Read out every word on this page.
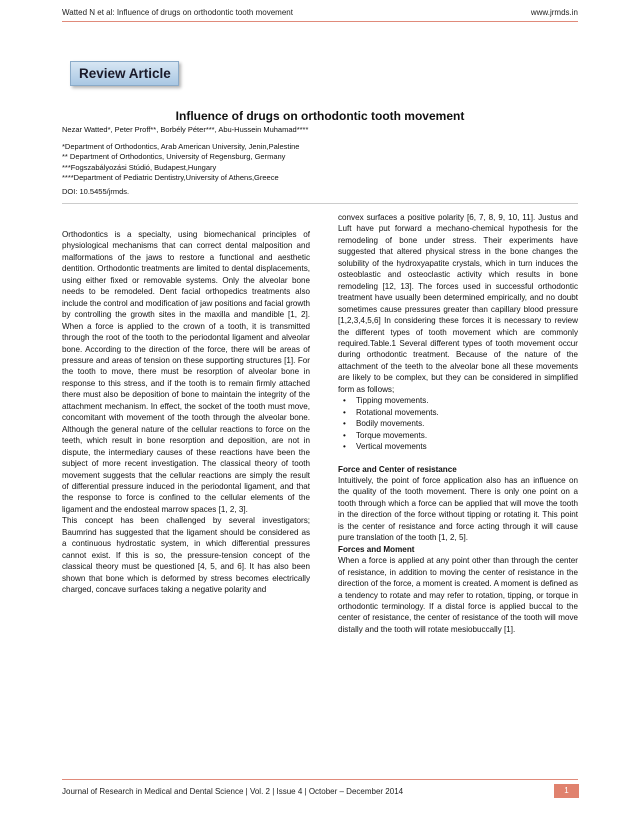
Watted N et al: Influence of drugs on orthodontic tooth movement	www.jrmds.in
Review Article
Influence of drugs on orthodontic tooth movement
Nezar Watted*, Peter Proff**, Borbély Péter***, Abu-Hussein Muhamad****
*Department of Orthodontics, Arab American University, Jenin,Palestine
** Department of Orthodontics, University of Regensburg, Germany
***Fogszabályozási Stúdió, Budapest,Hungary
****Department of Pediatric Dentistry,University of Athens,Greece
DOI: 10.5455/jrmds.

Orthodontics is a specialty, using biomechanical principles of physiological mechanisms that can correct dental malposition and malformations of the jaws to restore a functional and aesthetic dentition. Orthodontic treatments are limited to dental displacements, using either fixed or removable systems. Only the alveolar bone needs to be remodeled. Dent facial orthopedics treatments also include the control and modification of jaw positions and facial growth by controlling the growth sites in the maxilla and mandible [1, 2]. When a force is applied to the crown of a tooth, it is transmitted through the root of the tooth to the periodontal ligament and alveolar bone. According to the direction of the force, there will be areas of pressure and areas of tension on these supporting structures [1]. For the tooth to move, there must be resorption of alveolar bone in response to this stress, and if the tooth is to remain firmly attached there must also be deposition of bone to maintain the integrity of the attachment mechanism. In effect, the socket of the tooth must move, concomitant with movement of the tooth through the alveolar bone. Although the general nature of the cellular reactions to force on the teeth, which result in bone resorption and deposition, are not in dispute, the intermediary causes of these reactions have been the subject of more recent investigation. The classical theory of tooth movement suggests that the cellular reactions are simply the result of differential pressure induced in the periodontal ligament, and that the response to force is confined to the cellular elements of the ligament and the endosteal marrow spaces [1, 2, 3].

This concept has been challenged by several investigators; Baumrind has suggested that the ligament should be considered as a continuous hydrostatic system, in which differential pressures cannot exist. If this is so, the pressure-tension concept of the classical theory must be questioned [4, 5, and 6]. It has also been shown that bone which is deformed by stress becomes electrically charged, concave surfaces taking a negative polarity and

convex surfaces a positive polarity [6, 7, 8, 9, 10, 11]. Justus and Luft have put forward a mechano-chemical hypothesis for the remodeling of bone under stress. Their experiments have suggested that altered physical stress in the bone changes the solubility of the hydroxyapatite crystals, which in turn induces the osteoblastic and osteoclastic activity which results in bone remodeling [12, 13]. The forces used in successful orthodontic treatment have usually been determined empirically, and no doubt sometimes cause pressures greater than capillary blood pressure [1,2,3,4,5,6] In considering these forces it is necessary to review the different types of tooth movement which are commonly required.Table.1 Several different types of tooth movement occur during orthodontic treatment. Because of the nature of the attachment of the teeth to the alveolar bone all these movements are likely to be complex, but they can be considered in simplified form as follows;

• Tipping movements.
• Rotational movements.
• Bodily movements.
• Torque movements.
• Vertical movements

Force and Center of resistance

Intuitively, the point of force application also has an influence on the quality of the tooth movement. There is only one point on a tooth through which a force can be applied that will move the tooth in the direction of the force without tipping or rotating it. This point is the center of resistance and force acting through it will cause pure translation of the tooth [1, 2, 5].

Forces and Moment

When a force is applied at any point other than through the center of resistance, in addition to moving the center of resistance in the direction of the force, a moment is created. A moment is defined as a tendency to rotate and may refer to rotation, tipping, or torque in orthodontic terminology. If a distal force is applied buccal to the center of resistance, the center of resistance of the tooth will move distally and the tooth will rotate mesiobuccally [1].

Journal of Research in Medical and Dental Science | Vol. 2 | Issue 4 | October – December 2014	1
